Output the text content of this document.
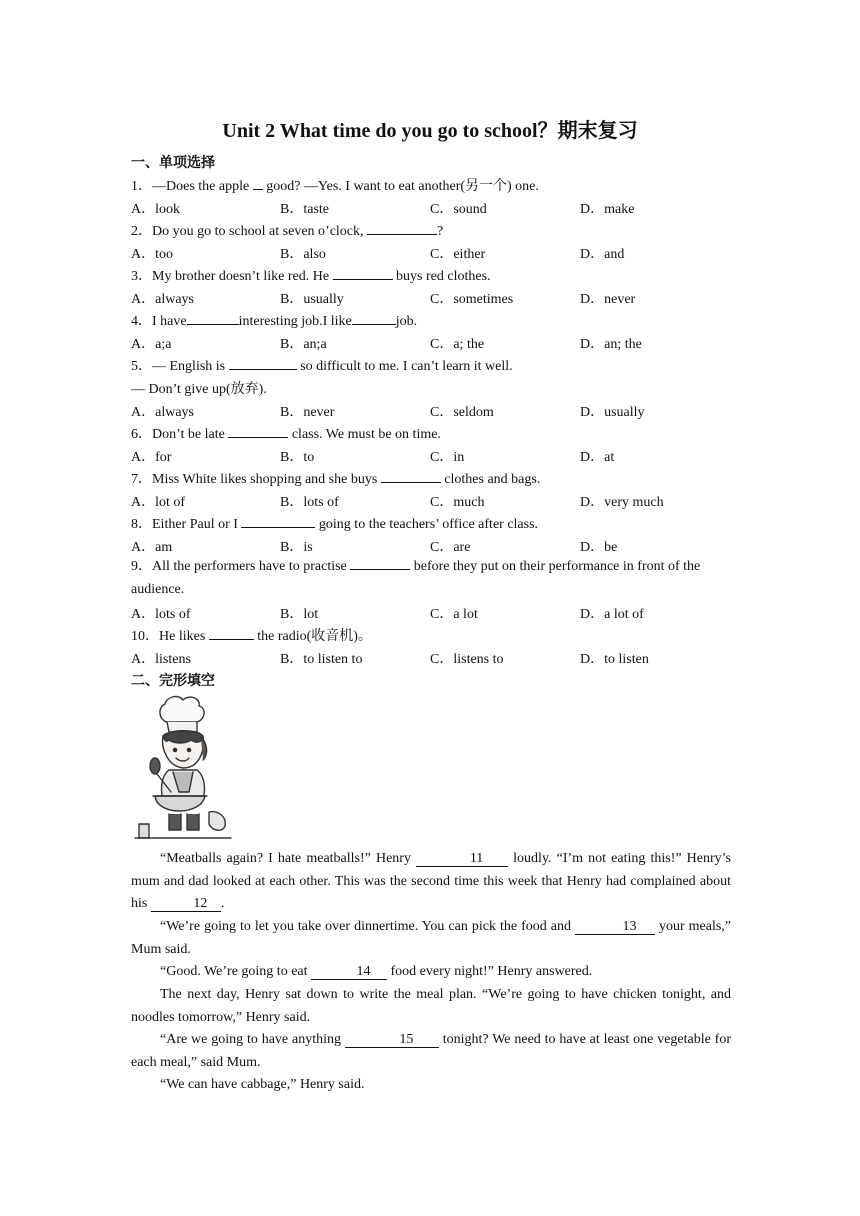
Unit 2 What time do you go to school？期末复习
一、单项选择
1．—Does the apple good? —Yes. I want to eat another(另一个) one.
A．look	B．taste	C．sound	D．make
2．Do you go to school at seven o’clock,	?
A．too	B．also	C．either	D．and
3．My brother doesn’t like red. He	buys red clothes.
A．always	B．usually	C．sometimes	D．never
4．I have	interesting job.I like	job.
A．a;a	B．an;a	C．a; the	D．an; the
5．— English is	so difficult to me. I can’t learn it well.
— Don’t give up(放弃).
A．always	B．never	C．seldom	D．usually
6．Don’t be late	class. We must be on time.
A．for	B．to	C．in	D．at
7．Miss White likes shopping and she buys	clothes and bags.
A．lot of	B．lots of	C．much	D．very much
8．Either Paul or I	going to the teachers’ office after class.
A．am	B．is	C．are	D．be
9．All the performers have to practise	before they put on their performance in front of the audience.
A．lots of	B．lot	C．a lot	D．a lot of
10．He likes	the radio(收音机)。
A．listens	B．to listen to	C．listens to	D．to listen
二、完形填空
“Meatballs again? I hate meatballs!” Henry	11 loudly. “I’m not eating this!” Henry’s mum and dad looked at each other. This was the second time this week that Henry had complained about his	12 .
“We’re going to let you take over dinnertime. You can pick the food and	13 your meals,” Mum said.
“Good. We’re going to eat	14 food every night!” Henry answered.
The next day, Henry sat down to write the meal plan. “We’re going to have chicken tonight, and noodles tomorrow,” Henry said.
“Are we going to have anything	15 tonight? We need to have at least one vegetable for each meal,” said Mum.
“We can have cabbage,” Henry said.
